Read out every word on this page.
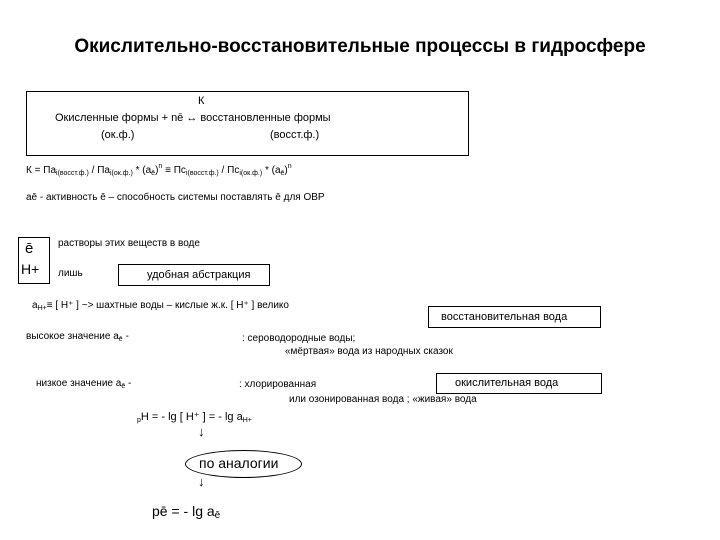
Окислительно-восстановительные процессы в гидросфере
К
Окисленные формы + nē ↔ восстановленные формы
(ок.ф.)	(восст.ф.)
$К = \Pi a_{i(восст.ф.)} / \Pi a_{i(ок.ф.)} * (a_ē)^n \equiv \Pi c_{i(восст.ф.)} / \Pi c_{i(ок.ф.)} * (a_ē)^n$
aē - активность ē – способность системы поставлять ē для ОВР
ē
H+
растворы этих веществ в воде
лишь	удобная абстракция
$a_{H+}\equiv$ [ H⁺ ] ~> шахтные воды – кислые ж.к. [ H⁺ ] велико
восстановительная вода
высокое значение $a_ē$ -	: сероводородные воды;
«мёртвая» вода из народных сказок
низкое значение $a_ē$ -	: хлорированная
или озонированная вода ; «живая» вода
окислительная вода
$_p$H = - lg [ H⁺ ] = - $\lg a_{H+}$
↓
по аналогии
↓
pē = - $\lg a_ē$
